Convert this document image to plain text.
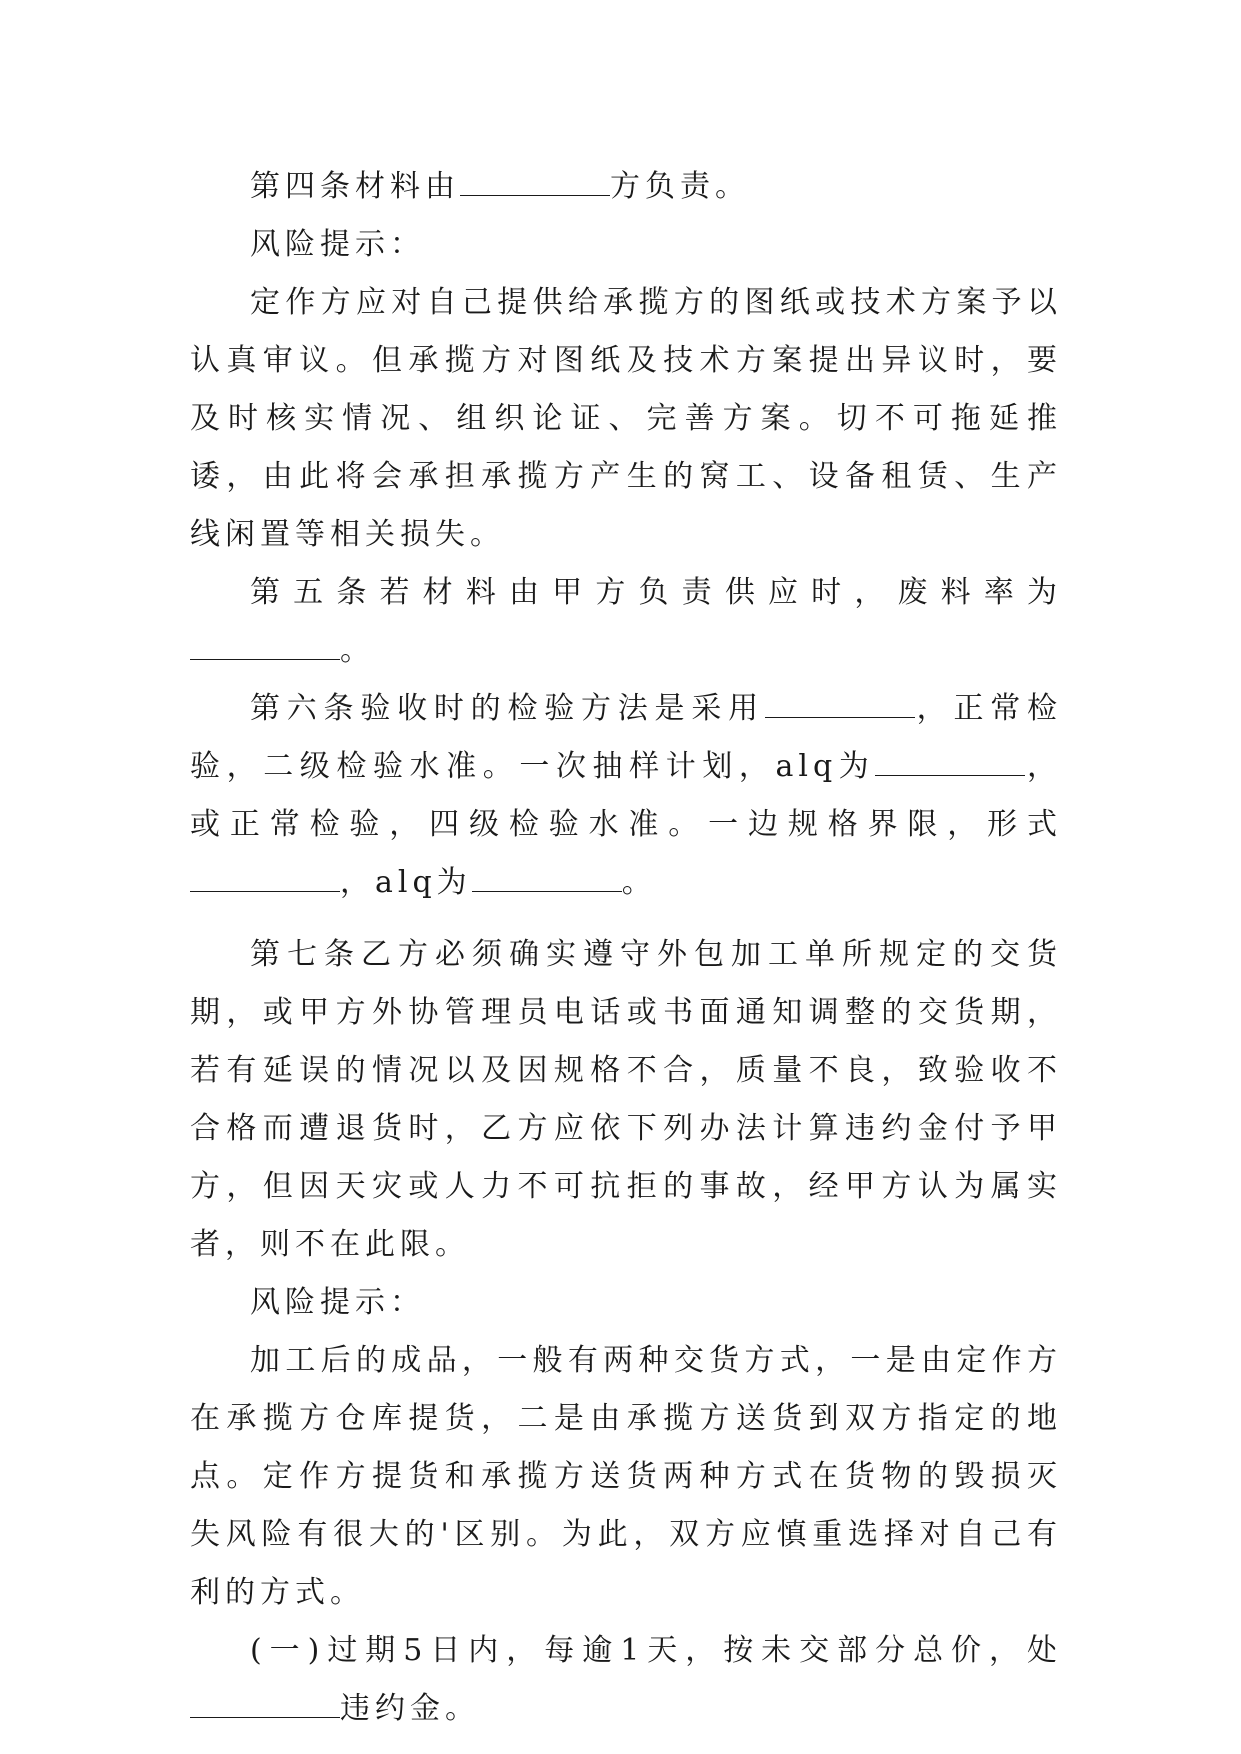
第四条材料由	方负责。

风险提示：

定作方应对自己提供给承揽方的图纸或技术方案予以认真审议。但承揽方对图纸及技术方案提出异议时，要及时核实情况、组织论证、完善方案。切不可拖延推诿，由此将会承担承揽方产生的窝工、设备租赁、生产线闲置等相关损失。

第五条若材料由甲方负责供应时，废料率为。

第六条验收时的检验方法是采用	，正常检验，二级检验水准。一次抽样计划，alq为	，或正常检验，四级检验水准。一边规格界限，形式，alq为	。

第七条乙方必须确实遵守外包加工单所规定的交货期，或甲方外协管理员电话或书面通知调整的交货期，若有延误的情况以及因规格不合，质量不良，致验收不合格而遭退货时，乙方应依下列办法计算违约金付予甲方，但因天灾或人力不可抗拒的事故，经甲方认为属实者，则不在此限。

风险提示：

加工后的成品，一般有两种交货方式，一是由定作方在承揽方仓库提货，二是由承揽方送货到双方指定的地点。定作方提货和承揽方送货两种方式在货物的毁损灭失风险有很大的'区别。为此，双方应慎重选择对自己有利的方式。

(一)过期5日内，每逾1天，按未交部分总价，处违约金。
